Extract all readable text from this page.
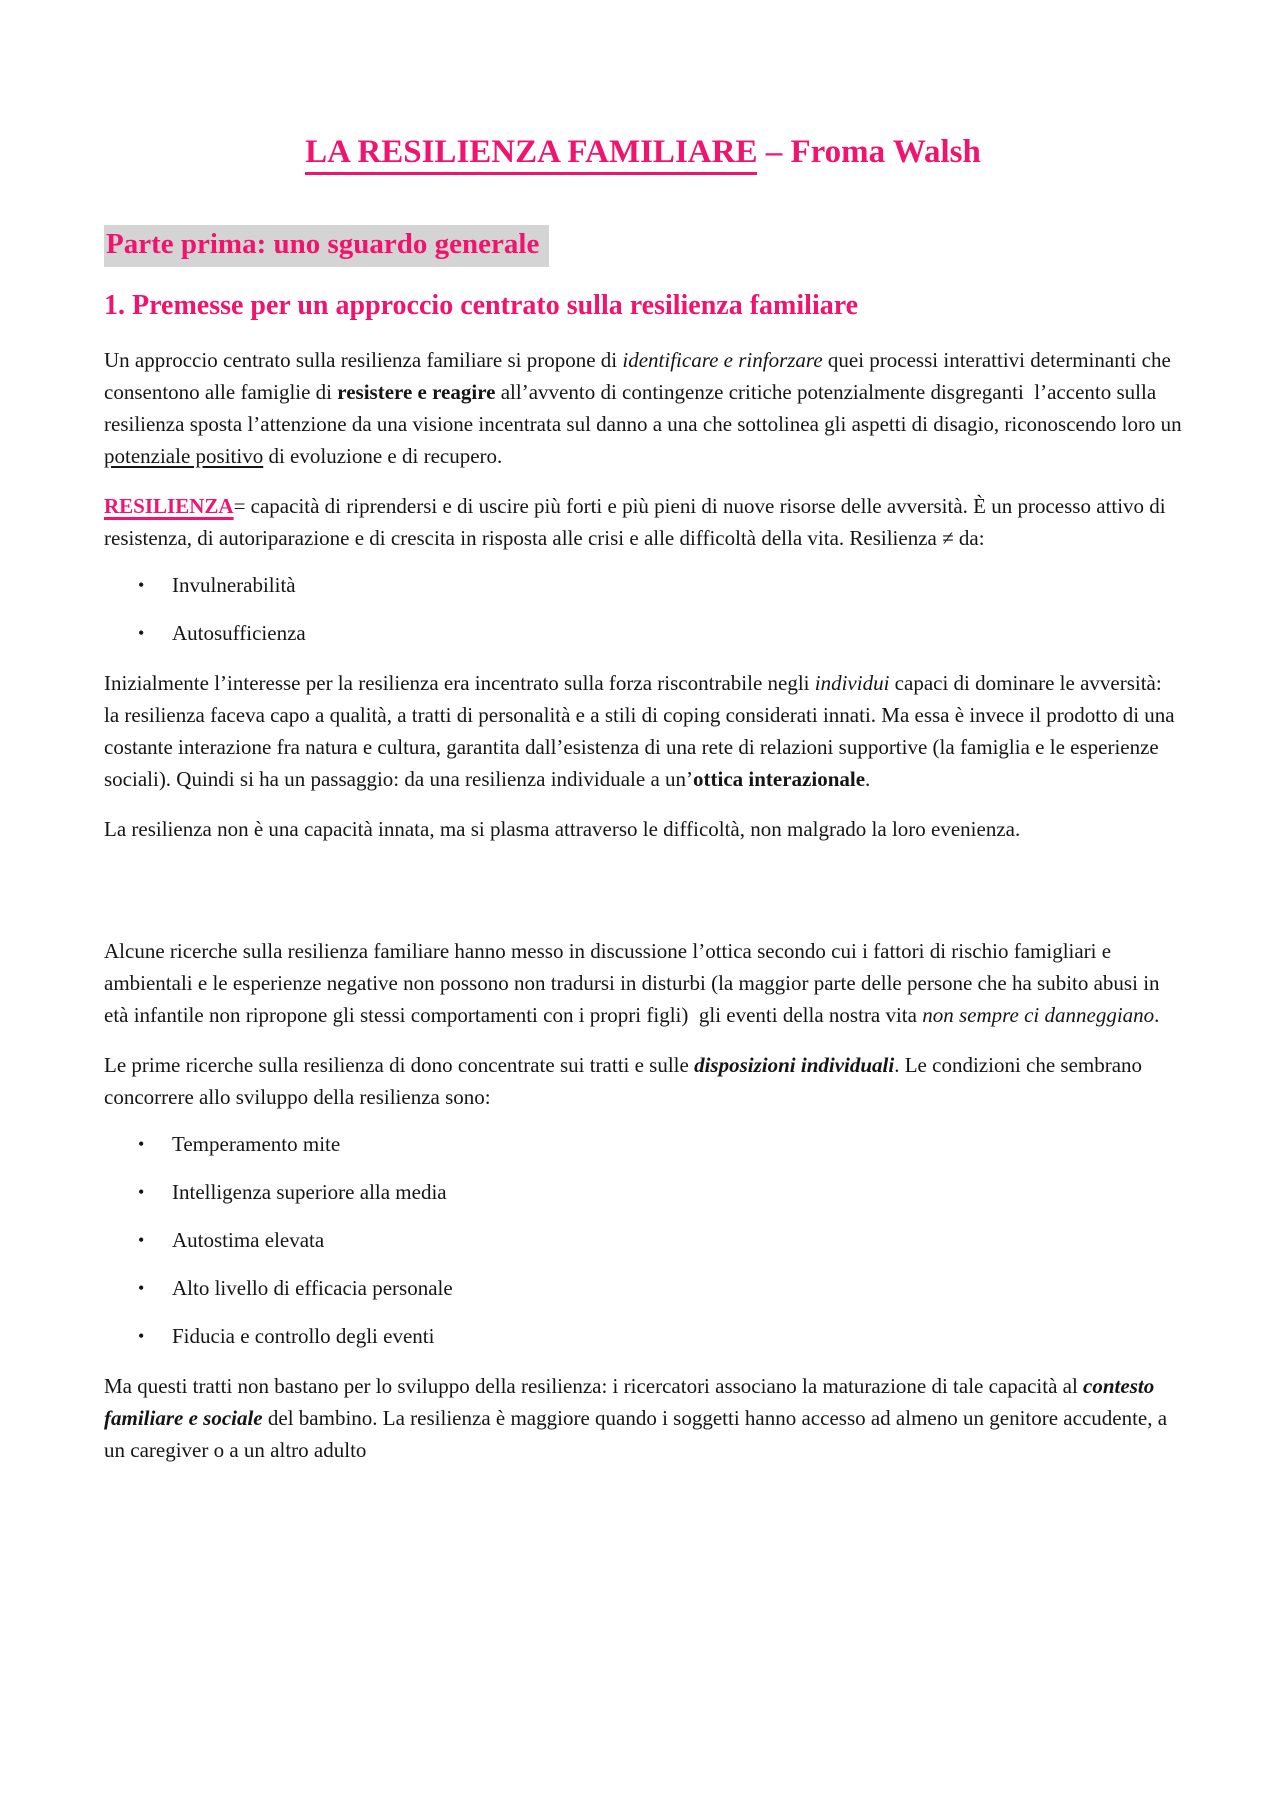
LA RESILIENZA FAMILIARE – Froma Walsh
Parte prima: uno sguardo generale
1. Premesse per un approccio centrato sulla resilienza familiare

Un approccio centrato sulla resilienza familiare si propone di identificare e rinforzare quei processi interattivi determinanti che consentono alle famiglie di resistere e reagire all’avvento di contingenze critiche potenzialmente disgreganti  l’accento sulla resilienza sposta l’attenzione da una visione incentrata sul danno a una che sottolinea gli aspetti di disagio, riconoscendo loro un potenziale positivo di evoluzione e di recupero.

RESILIENZA= capacità di riprendersi e di uscire più forti e più pieni di nuove risorse delle avversità. È un processo attivo di resistenza, di autoriparazione e di crescita in risposta alle crisi e alle difficoltà della vita. Resilienza ≠ da:

• Invulnerabilità
• Autosufficienza

Inizialmente l’interesse per la resilienza era incentrato sulla forza riscontrabile negli individui capaci di dominare le avversità: la resilienza faceva capo a qualità, a tratti di personalità e a stili di coping considerati innati. Ma essa è invece il prodotto di una costante interazione fra natura e cultura, garantita dall’esistenza di una rete di relazioni supportive (la famiglia e le esperienze sociali). Quindi si ha un passaggio: da una resilienza individuale a un’ottica interazionale.

La resilienza non è una capacità innata, ma si plasma attraverso le difficoltà, non malgrado la loro evenienza.

Alcune ricerche sulla resilienza familiare hanno messo in discussione l’ottica secondo cui i fattori di rischio famigliari e ambientali e le esperienze negative non possono non tradursi in disturbi (la maggior parte delle persone che ha subito abusi in età infantile non ripropone gli stessi comportamenti con i propri figli)  gli eventi della nostra vita non sempre ci danneggiano.

Le prime ricerche sulla resilienza di dono concentrate sui tratti e sulle disposizioni individuali. Le condizioni che sembrano concorrere allo sviluppo della resilienza sono:

• Temperamento mite
• Intelligenza superiore alla media
• Autostima elevata
• Alto livello di efficacia personale
• Fiducia e controllo degli eventi

Ma questi tratti non bastano per lo sviluppo della resilienza: i ricercatori associano la maturazione di tale capacità al contesto familiare e sociale del bambino. La resilienza è maggiore quando i soggetti hanno accesso ad almeno un genitore accudente, a un caregiver o a un altro adulto
